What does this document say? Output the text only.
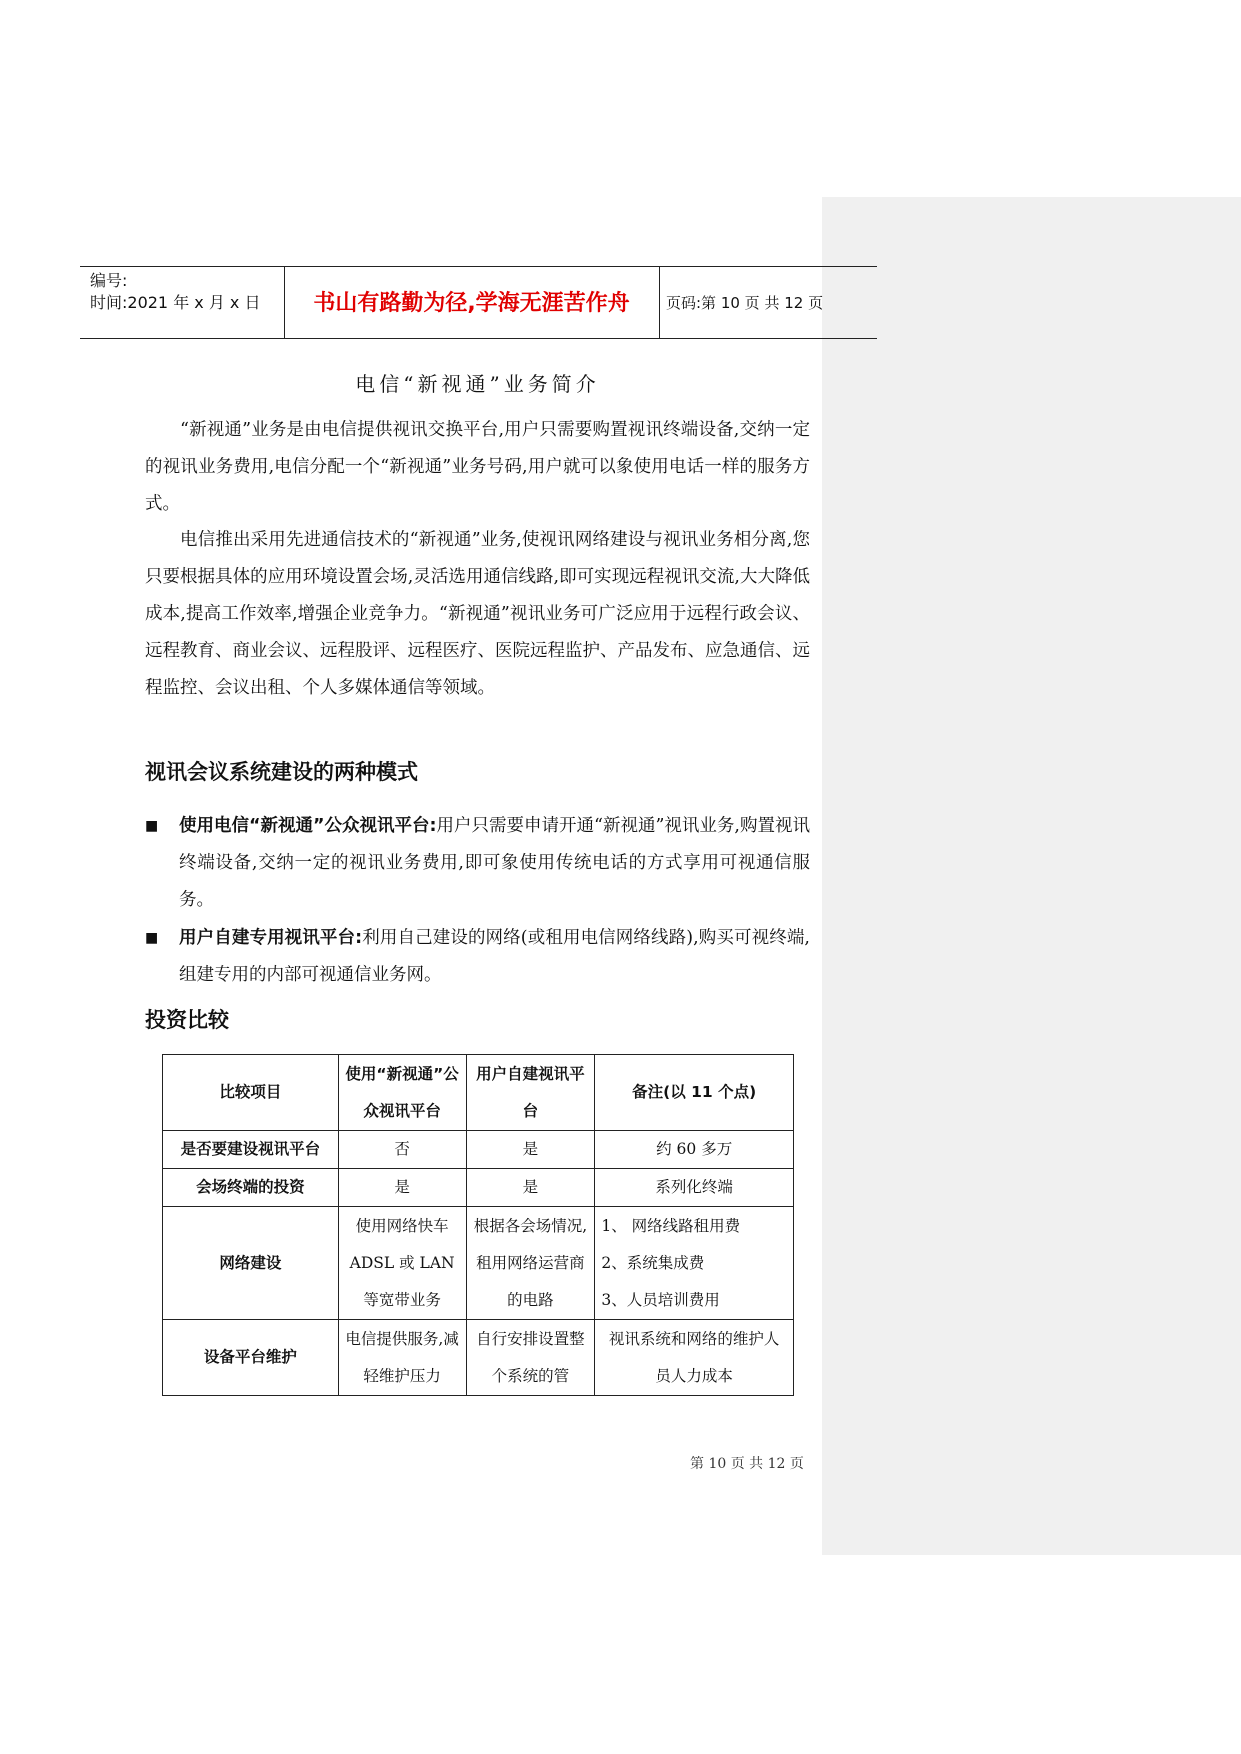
编号:
时间:2021 年 x 月 x 日	书山有路勤为径,学海无涯苦作舟	页码:第 10 页 共 12 页
电信“新视通”业务简介
“新视通”业务是由电信提供视讯交换平台,用户只需要购置视讯终端设备,交纳一定的视讯业务费用,电信分配一个“新视通”业务号码,用户就可以象使用电话一样的服务方式。
电信推出采用先进通信技术的“新视通”业务,使视讯网络建设与视讯业务相分离,您只要根据具体的应用环境设置会场,灵活选用通信线路,即可实现远程视讯交流,大大降低成本,提高工作效率,增强企业竞争力。“新视通”视讯业务可广泛应用于远程行政会议、远程教育、商业会议、远程股评、远程医疗、医院远程监护、产品发布、应急通信、远程监控、会议出租、个人多媒体通信等领域。
视讯会议系统建设的两种模式
■ 使用电信“新视通”公众视讯平台:用户只需要申请开通“新视通”视讯业务,购置视讯终端设备,交纳一定的视讯业务费用,即可象使用传统电话的方式享用可视通信服务。
■ 用户自建专用视讯平台:利用自己建设的网络(或租用电信网络线路),购买可视终端,组建专用的内部可视通信业务网。
投资比较
比较项目	使用“新视通”公众视讯平台	用户自建视讯平台	备注(以 11 个点)
是否要建设视讯平台	否	是	约 60 多万
会场终端的投资	是	是	系列化终端
网络建设	使用网络快车 ADSL 或 LAN 等宽带业务	根据各会场情况,租用网络运营商的电路	1、 网络线路租用费
2、系统集成费
3、人员培训费用
设备平台维护	电信提供服务,减轻维护压力	自行安排设置整个系统的管	视讯系统和网络的维护人员人力成本
第 10 页 共 12 页
